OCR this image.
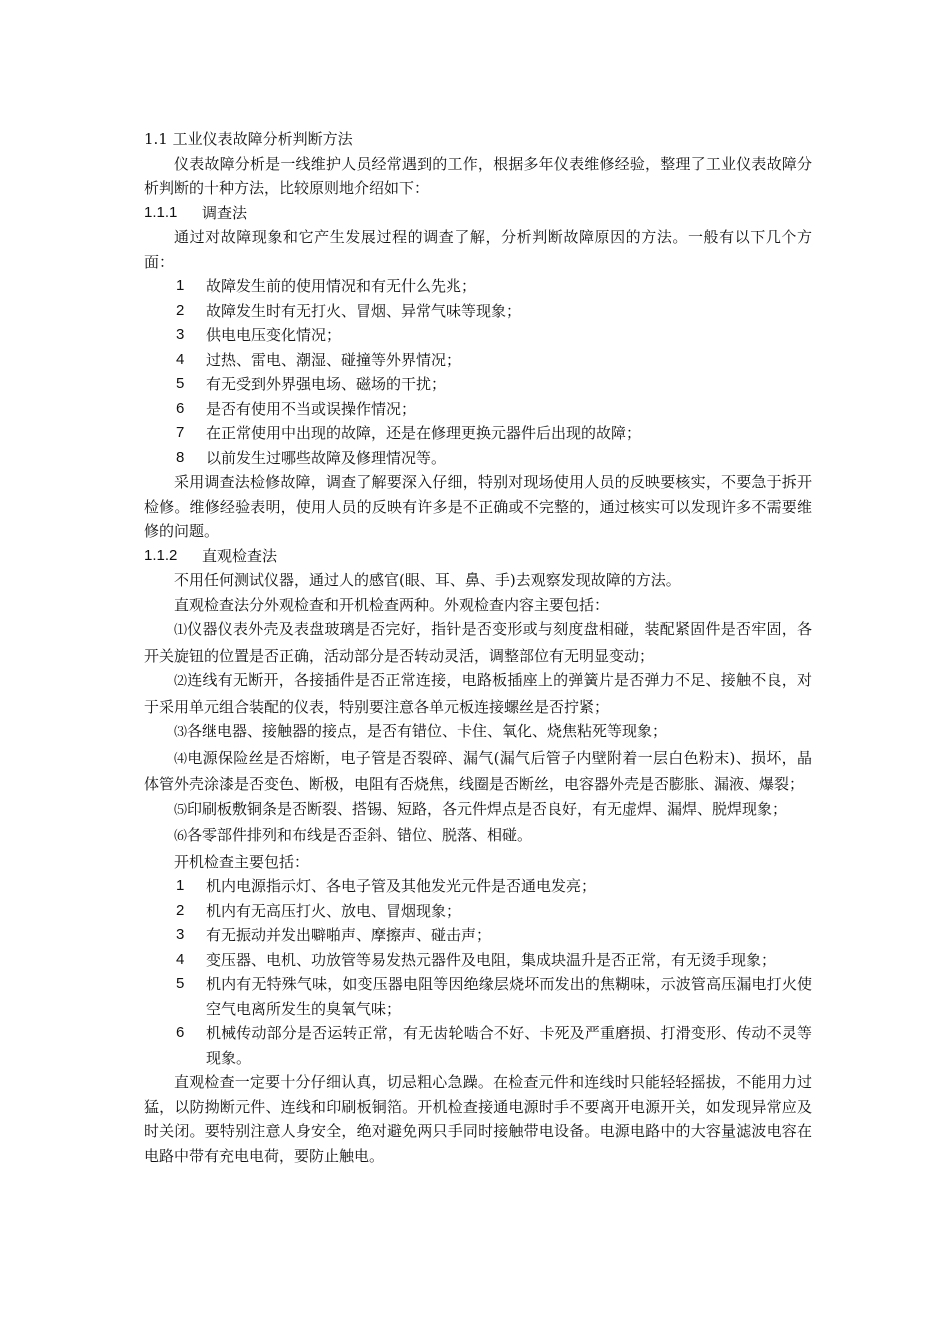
1.1 工业仪表故障分析判断方法

仪表故障分析是一线维护人员经常遇到的工作，根据多年仪表维修经验，整理了工业仪表故障分析判断的十种方法，比较原则地介绍如下：

1.1.1	调查法

通过对故障现象和它产生发展过程的调查了解，分析判断故障原因的方法。一般有以下几个方面：

1	故障发生前的使用情况和有无什么先兆；
2	故障发生时有无打火、冒烟、异常气味等现象；
3	供电电压变化情况；
4	过热、雷电、潮湿、碰撞等外界情况；
5	有无受到外界强电场、磁场的干扰；
6	是否有使用不当或误操作情况；
7	在正常使用中出现的故障，还是在修理更换元器件后出现的故障；
8	以前发生过哪些故障及修理情况等。

采用调查法检修故障，调查了解要深入仔细，特别对现场使用人员的反映要核实，不要急于拆开检修。维修经验表明，使用人员的反映有许多是不正确或不完整的，通过核实可以发现许多不需要维修的问题。

1.1.2	直观检查法

不用任何测试仪器，通过人的感官(眼、耳、鼻、手)去观察发现故障的方法。

直观检查法分外观检查和开机检查两种。外观检查内容主要包括：

⑴仪器仪表外壳及表盘玻璃是否完好，指针是否变形或与刻度盘相碰，装配紧固件是否牢固，各开关旋钮的位置是否正确，活动部分是否转动灵活，调整部位有无明显变动；

⑵连线有无断开，各接插件是否正常连接，电路板插座上的弹簧片是否弹力不足、接触不良，对于采用单元组合装配的仪表，特别要注意各单元板连接螺丝是否拧紧；

⑶各继电器、接触器的接点，是否有错位、卡住、氧化、烧焦粘死等现象；

⑷电源保险丝是否熔断，电子管是否裂碎、漏气(漏气后管子内壁附着一层白色粉末)、损坏，晶体管外壳涂漆是否变色、断极，电阻有否烧焦，线圈是否断丝，电容器外壳是否膨胀、漏液、爆裂；

⑸印刷板敷铜条是否断裂、搭锡、短路，各元件焊点是否良好，有无虚焊、漏焊、脱焊现象；

⑹各零部件排列和布线是否歪斜、错位、脱落、相碰。

开机检查主要包括：

1	机内电源指示灯、各电子管及其他发光元件是否通电发亮；
2	机内有无高压打火、放电、冒烟现象；
3	有无振动并发出噼啪声、摩擦声、碰击声；
4	变压器、电机、功放管等易发热元器件及电阻，集成块温升是否正常，有无烫手现象；
5	机内有无特殊气味，如变压器电阻等因绝缘层烧坏而发出的焦糊味，示波管高压漏电打火使空气电离所发生的臭氧气味；
6	机械传动部分是否运转正常，有无齿轮啮合不好、卡死及严重磨损、打滑变形、传动不灵等现象。

直观检查一定要十分仔细认真，切忌粗心急躁。在检查元件和连线时只能轻轻摇拔，不能用力过猛，以防拗断元件、连线和印刷板铜箔。开机检查接通电源时手不要离开电源开关，如发现异常应及时关闭。要特别注意人身安全，绝对避免两只手同时接触带电设备。电源电路中的大容量滤波电容在电路中带有充电电荷，要防止触电。
